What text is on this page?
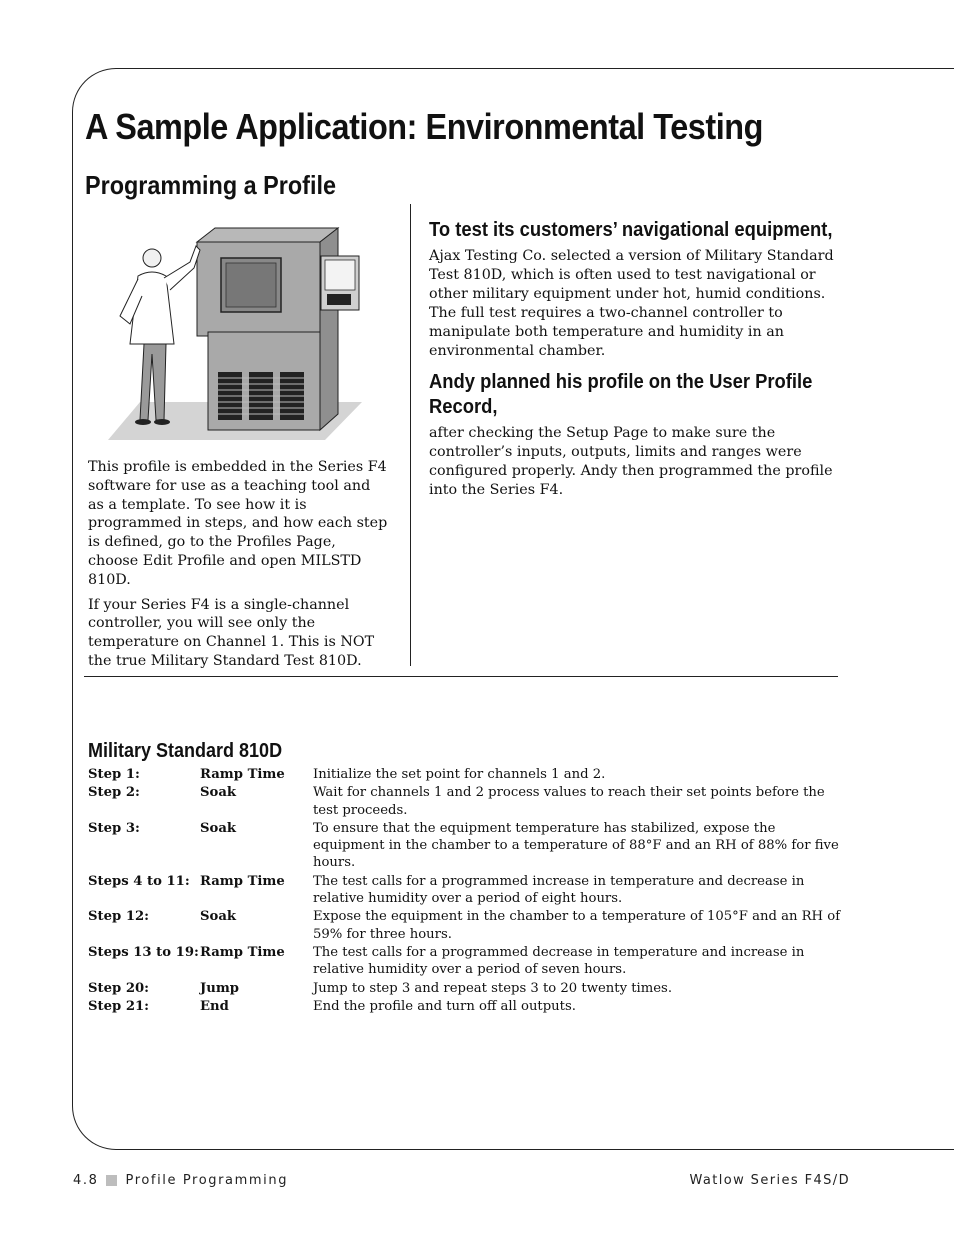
A Sample Application: Environmental Testing
Programming a Profile

This profile is embedded in the Series F4 software for use as a teaching tool and as a template. To see how it is programmed in steps, and how each step is defined, go to the Profiles Page, choose Edit Profile and open MILSTD 810D.

If your Series F4 is a single-channel controller, you will see only the temperature on Channel 1. This is NOT the true Military Standard Test 810D.

To test its customers’ navigational equipment,

Ajax Testing Co. selected a version of Military Standard Test 810D, which is often used to test navigational or other military equipment under hot, humid conditions. The full test requires a two-channel controller to manipulate both temperature and humidity in an environmental chamber.

Andy planned his profile on the User Profile Record,

after checking the Setup Page to make sure the controller’s inputs, outputs, limits and ranges were configured properly. Andy then programmed the profile into the Series F4.

Military Standard 810D
Step 1:	Ramp Time	Initialize the set point for channels 1 and 2.
Step 2:	Soak	Wait for channels 1 and 2 process values to reach their set points before the test proceeds.
Step 3:	Soak	To ensure that the equipment temperature has stabilized, expose the equipment in the chamber to a temperature of 88°F and an RH of 88% for five hours.
Steps 4 to 11: Ramp Time	The test calls for a programmed increase in temperature and decrease in relative humidity over a period of eight hours.
Step 12:	Soak	Expose the equipment in the chamber to a temperature of 105°F and an RH of 59% for three hours.
Steps 13 to 19: Ramp Time	The test calls for a programmed decrease in temperature and increase in relative humidity over a period of seven hours.
Step 20:	Jump	Jump to step 3 and repeat steps 3 to 20 twenty times.
Step 21:	End	End the profile and turn off all outputs.
4.8 Profile Programming	Watlow Series F4S/D
